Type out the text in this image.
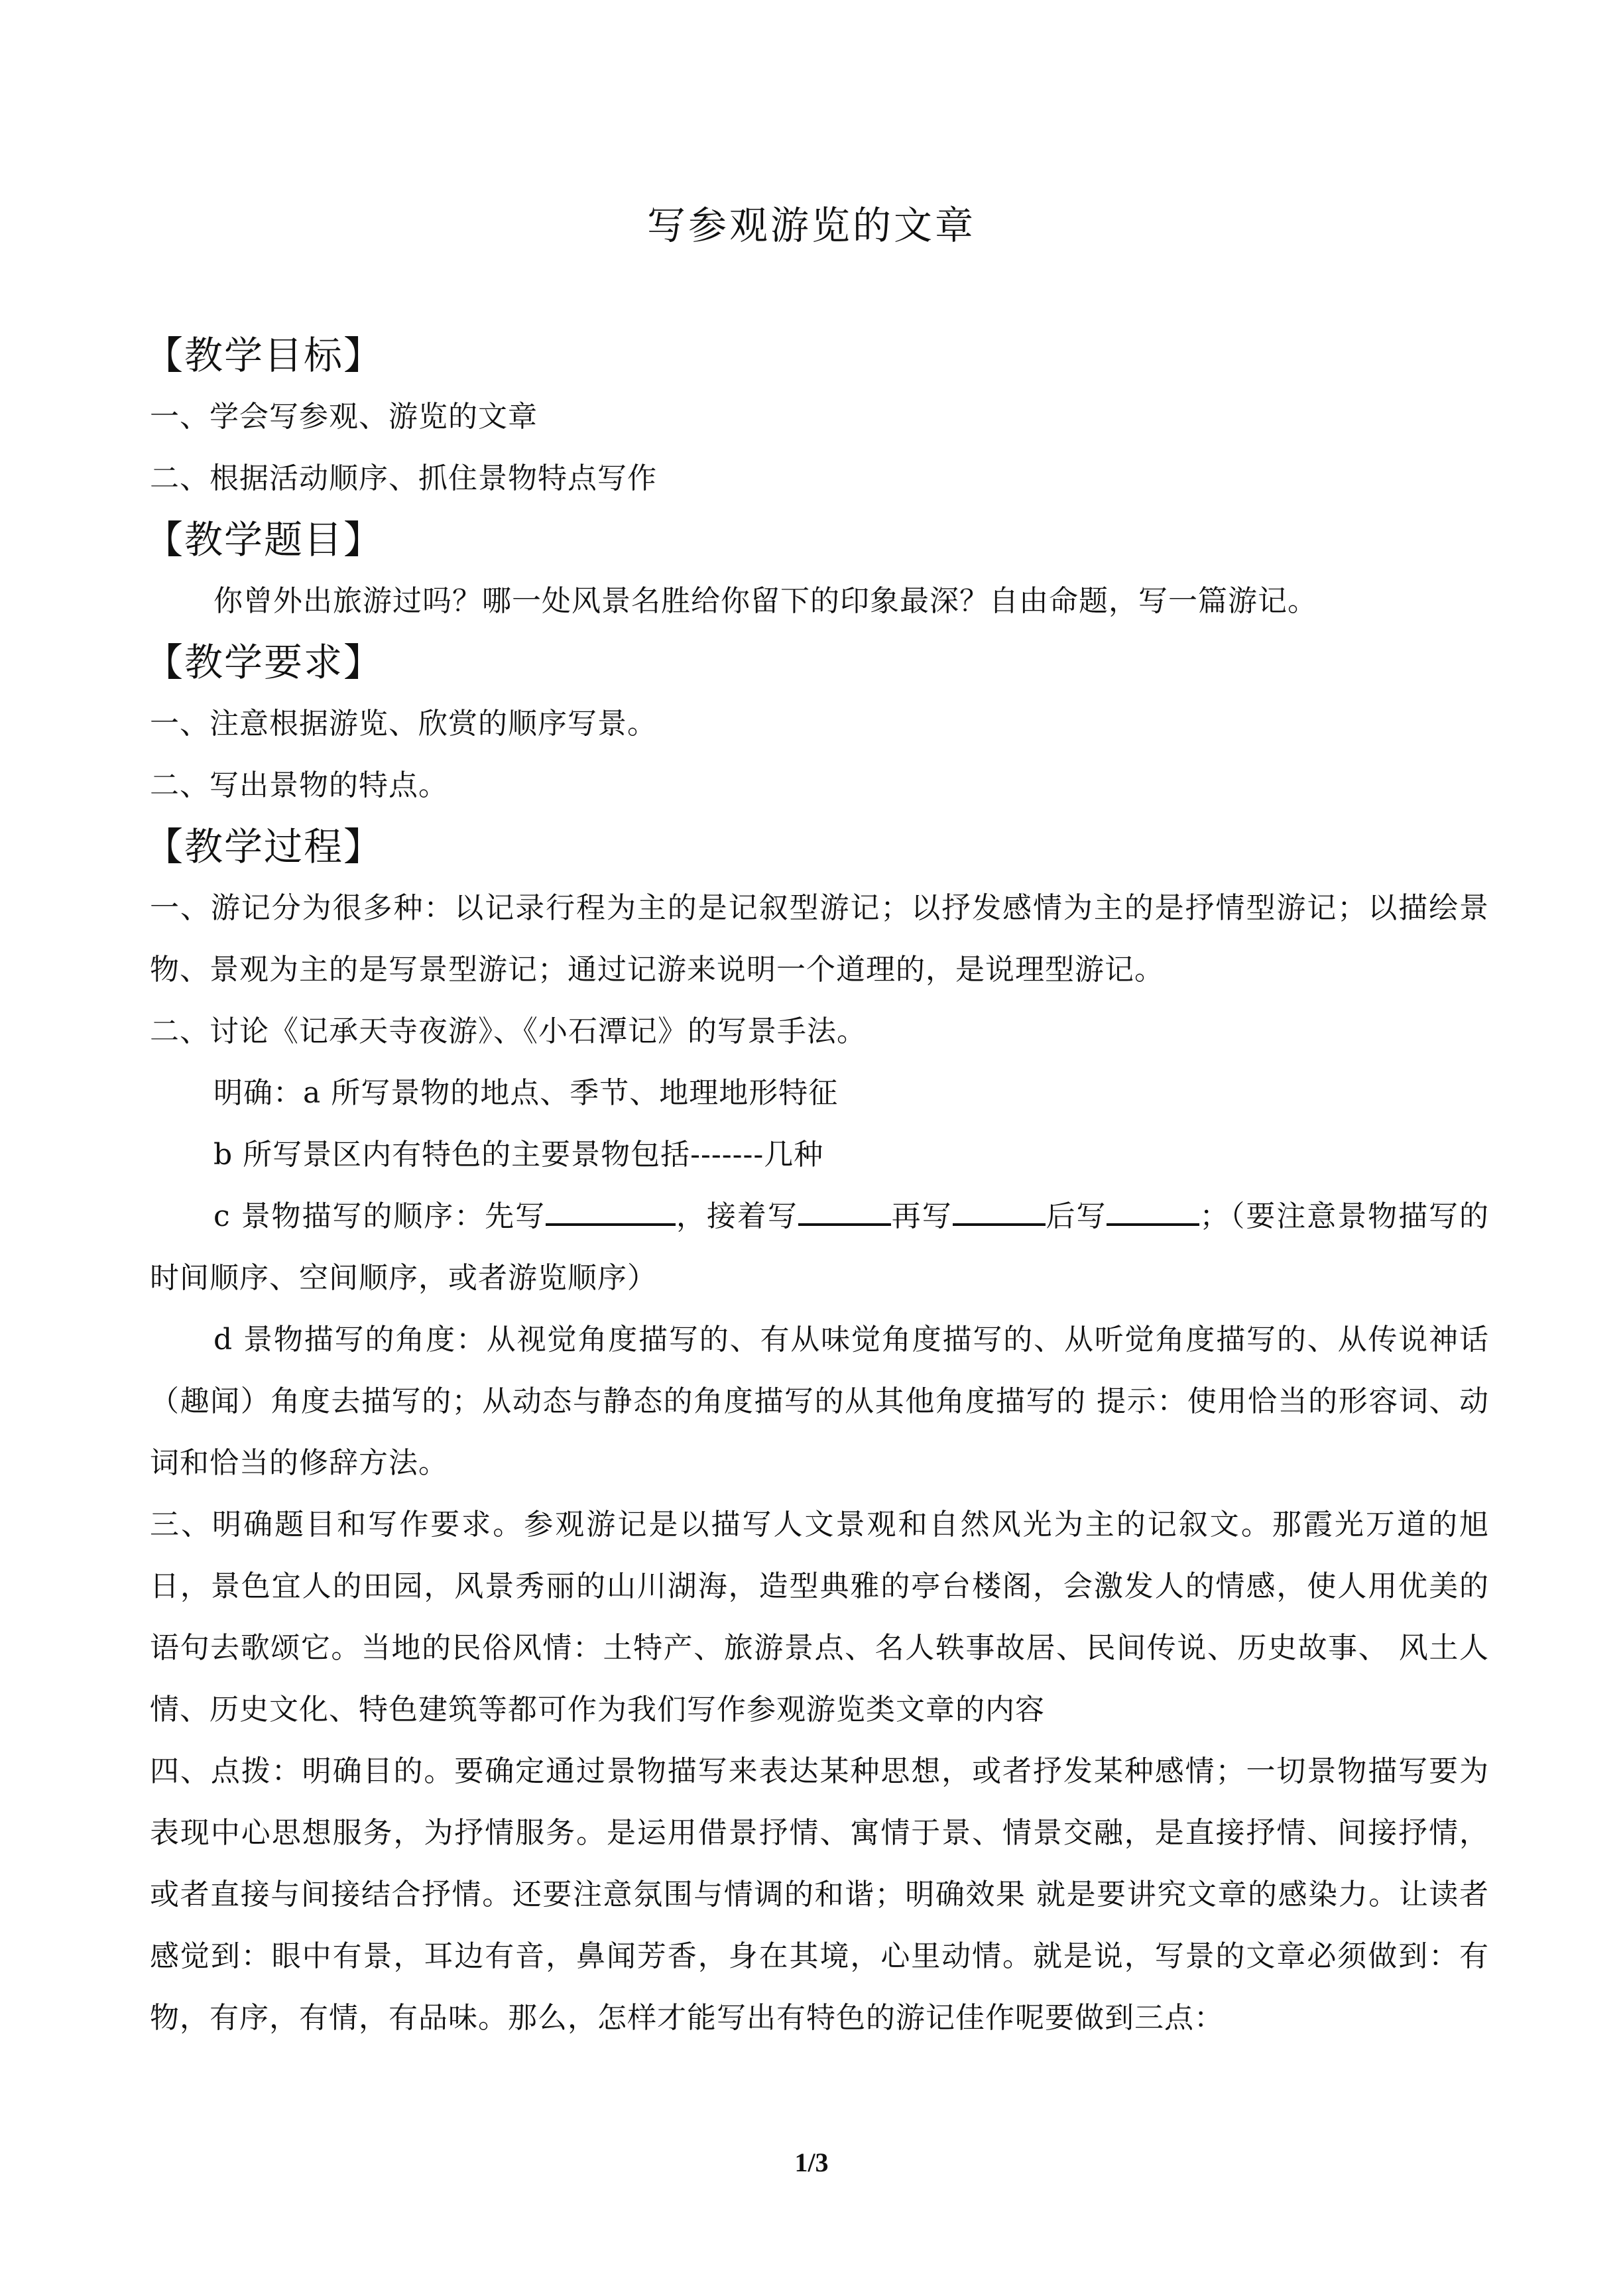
写参观游览的文章
【教学目标】

一、学会写参观、游览的文章

二、根据活动顺序、抓住景物特点写作

【教学题目】

你曾外出旅游过吗？哪一处风景名胜给你留下的印象最深？自由命题，写一篇游记。

【教学要求】

一、注意根据游览、欣赏的顺序写景。

二、写出景物的特点。

【教学过程】

一、游记分为很多种：以记录行程为主的是记叙型游记；以抒发感情为主的是抒情型游记；以描绘景物、景观为主的是写景型游记；通过记游来说明一个道理的，是说理型游记。

二、讨论《记承天寺夜游》、《小石潭记》的写景手法。

明确：a 所写景物的地点、季节、地理地形特征

b 所写景区内有特色的主要景物包括-------几种

c 景物描写的顺序：先写	，接着写	再写	后写	；（要注意景物描写的时间顺序、空间顺序，或者游览顺序）

d 景物描写的角度：从视觉角度描写的、有从味觉角度描写的、从听觉角度描写的、从传说神话（趣闻）角度去描写的；从动态与静态的角度描写的从其他角度描写的 提示：使用恰当的形容词、动词和恰当的修辞方法。

三、明确题目和写作要求。参观游记是以描写人文景观和自然风光为主的记叙文。那霞光万道的旭日，景色宜人的田园，风景秀丽的山川湖海，造型典雅的亭台楼阁，会激发人的情感，使人用优美的语句去歌颂它。当地的民俗风情：土特产、旅游景点、名人轶事故居、民间传说、历史故事、 风土人情、历史文化、特色建筑等都可作为我们写作参观游览类文章的内容

四、点拨：明确目的。要确定通过景物描写来表达某种思想，或者抒发某种感情；一切景物描写要为表现中心思想服务，为抒情服务。是运用借景抒情、寓情于景、情景交融，是直接抒情、间接抒情，或者直接与间接结合抒情。还要注意氛围与情调的和谐；明确效果 就是要讲究文章的感染力。让读者感觉到：眼中有景，耳边有音，鼻闻芳香，身在其境，心里动情。就是说，写景的文章必须做到：有物，有序，有情，有品味。那么，怎样才能写出有特色的游记佳作呢要做到三点：

1/3
